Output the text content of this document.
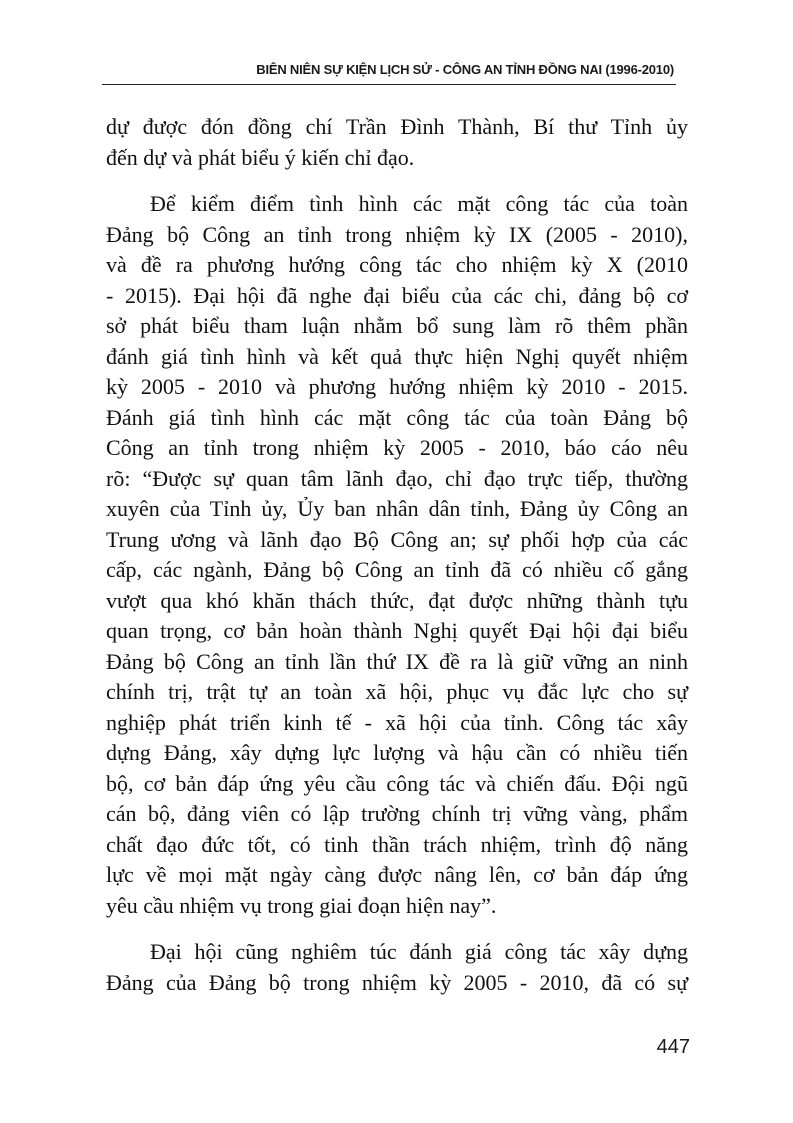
BIÊN NIÊN SỰ KIỆN LỊCH SỬ - CÔNG AN TỈNH ĐỒNG NAI (1996-2010)
dự được đón đồng chí Trần Đình Thành, Bí thư Tỉnh ủy
đến dự và phát biểu ý kiến chỉ đạo.
Để kiểm điểm tình hình các mặt công tác của toàn
Đảng bộ Công an tỉnh trong nhiệm kỳ IX (2005 - 2010),
và đề ra phương hướng công tác cho nhiệm kỳ X (2010
- 2015). Đại hội đã nghe đại biểu của các chi, đảng bộ cơ
sở phát biểu tham luận nhằm bổ sung làm rõ thêm phần
đánh giá tình hình và kết quả thực hiện Nghị quyết nhiệm
kỳ 2005 - 2010 và phương hướng nhiệm kỳ 2010 - 2015.
Đánh giá tình hình các mặt công tác của toàn Đảng bộ
Công an tỉnh trong nhiệm kỳ 2005 - 2010, báo cáo nêu
rõ: “Được sự quan tâm lãnh đạo, chỉ đạo trực tiếp, thường
xuyên của Tỉnh ủy, Ủy ban nhân dân tỉnh, Đảng ủy Công an
Trung ương và lãnh đạo Bộ Công an; sự phối hợp của các
cấp, các ngành, Đảng bộ Công an tỉnh đã có nhiều cố gắng
vượt qua khó khăn thách thức, đạt được những thành tựu
quan trọng, cơ bản hoàn thành Nghị quyết Đại hội đại biểu
Đảng bộ Công an tỉnh lần thứ IX đề ra là giữ vững an ninh
chính trị, trật tự an toàn xã hội, phục vụ đắc lực cho sự
nghiệp phát triển kinh tế - xã hội của tỉnh. Công tác xây
dựng Đảng, xây dựng lực lượng và hậu cần có nhiều tiến
bộ, cơ bản đáp ứng yêu cầu công tác và chiến đấu. Đội ngũ
cán bộ, đảng viên có lập trường chính trị vững vàng, phẩm
chất đạo đức tốt, có tinh thần trách nhiệm, trình độ năng
lực về mọi mặt ngày càng được nâng lên, cơ bản đáp ứng
yêu cầu nhiệm vụ trong giai đoạn hiện nay”.
Đại hội cũng nghiêm túc đánh giá công tác xây dựng
Đảng của Đảng bộ trong nhiệm kỳ 2005 - 2010, đã có sự
447
